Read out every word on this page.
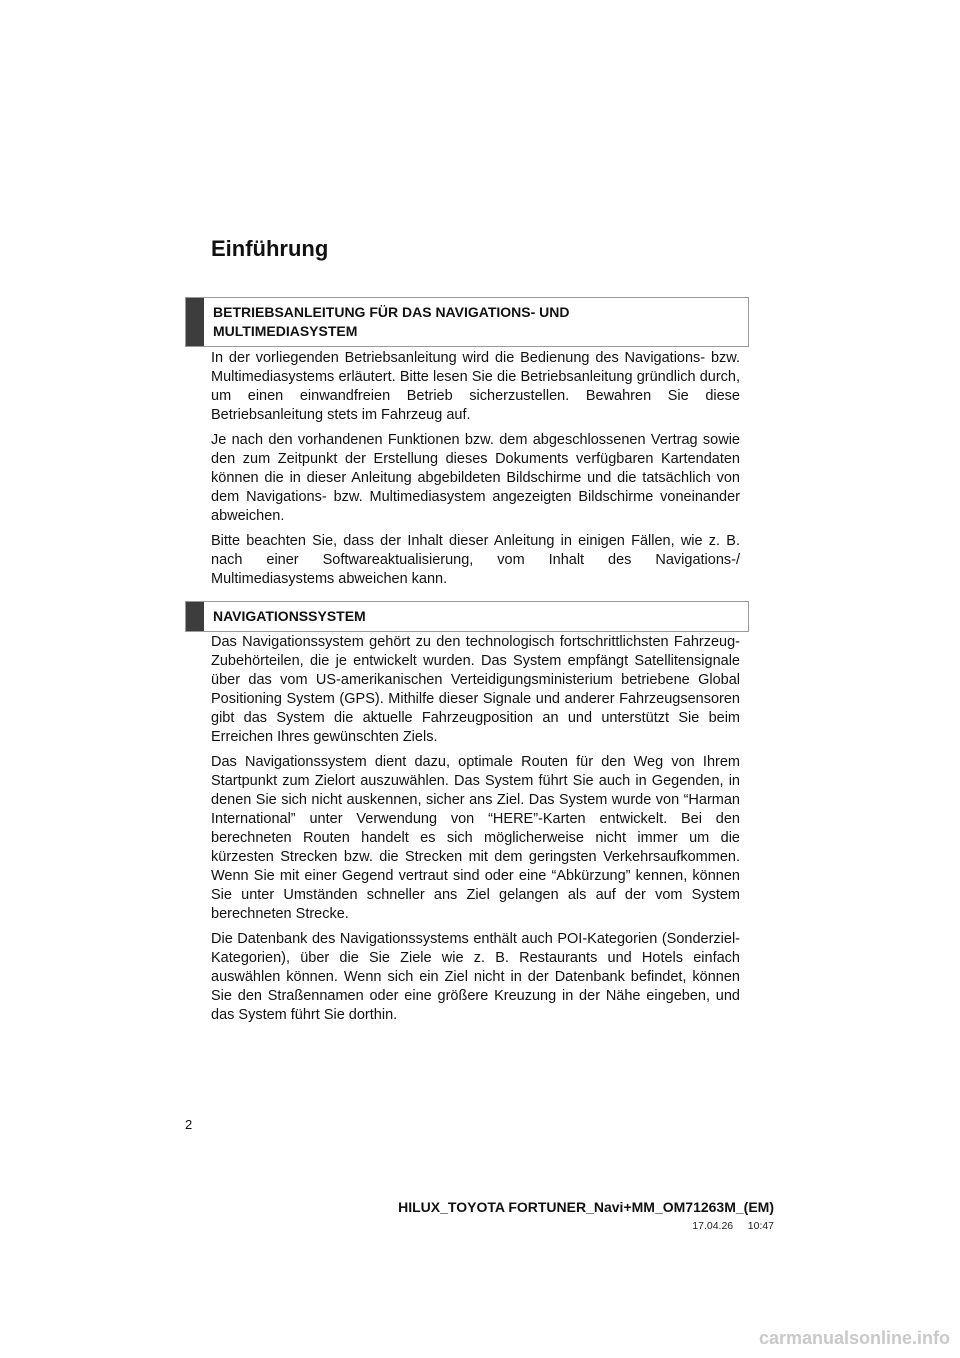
Einführung

BETRIEBSANLEITUNG FÜR DAS NAVIGATIONS- UND
MULTIMEDIASYSTEM

In der vorliegenden Betriebsanleitung wird die Bedienung des Navigations- bzw. Multimediasystems erläutert. Bitte lesen Sie die Betriebsanleitung gründlich durch, um einen einwandfreien Betrieb sicherzustellen. Bewahren Sie diese Betriebsanleitung stets im Fahrzeug auf.

Je nach den vorhandenen Funktionen bzw. dem abgeschlossenen Vertrag sowie den zum Zeitpunkt der Erstellung dieses Dokuments verfügbaren Kartendaten können die in dieser Anleitung abgebildeten Bildschirme und die tatsächlich von dem Navigations- bzw. Multimediasystem angezeigten Bildschirme voneinander abweichen.

Bitte beachten Sie, dass der Inhalt dieser Anleitung in einigen Fällen, wie z. B. nach einer Softwareaktualisierung, vom Inhalt des Navigations-/ Multimediasystems abweichen kann.

NAVIGATIONSSYSTEM

Das Navigationssystem gehört zu den technologisch fortschrittlichsten Fahrzeug-Zubehörteilen, die je entwickelt wurden. Das System empfängt Satellitensignale über das vom US-amerikanischen Verteidigungsministerium betriebene Global Positioning System (GPS). Mithilfe dieser Signale und anderer Fahrzeugsensoren gibt das System die aktuelle Fahrzeugposition an und unterstützt Sie beim Erreichen Ihres gewünschten Ziels.

Das Navigationssystem dient dazu, optimale Routen für den Weg von Ihrem Startpunkt zum Zielort auszuwählen. Das System führt Sie auch in Gegenden, in denen Sie sich nicht auskennen, sicher ans Ziel. Das System wurde von “Harman International” unter Verwendung von “HERE”-Karten entwickelt. Bei den berechneten Routen handelt es sich möglicherweise nicht immer um die kürzesten Strecken bzw. die Strecken mit dem geringsten Verkehrsaufkommen. Wenn Sie mit einer Gegend vertraut sind oder eine “Abkürzung” kennen, können Sie unter Umständen schneller ans Ziel gelangen als auf der vom System berechneten Strecke.

Die Datenbank des Navigationssystems enthält auch POI-Kategorien (Sonderziel-Kategorien), über die Sie Ziele wie z. B. Restaurants und Hotels einfach auswählen können. Wenn sich ein Ziel nicht in der Datenbank befindet, können Sie den Straßennamen oder eine größere Kreuzung in der Nähe eingeben, und das System führt Sie dorthin.

2
HILUX_TOYOTA FORTUNER_Navi+MM_OM71263M_(EM)
17.04.26     10:47
carmanualsonline.info
